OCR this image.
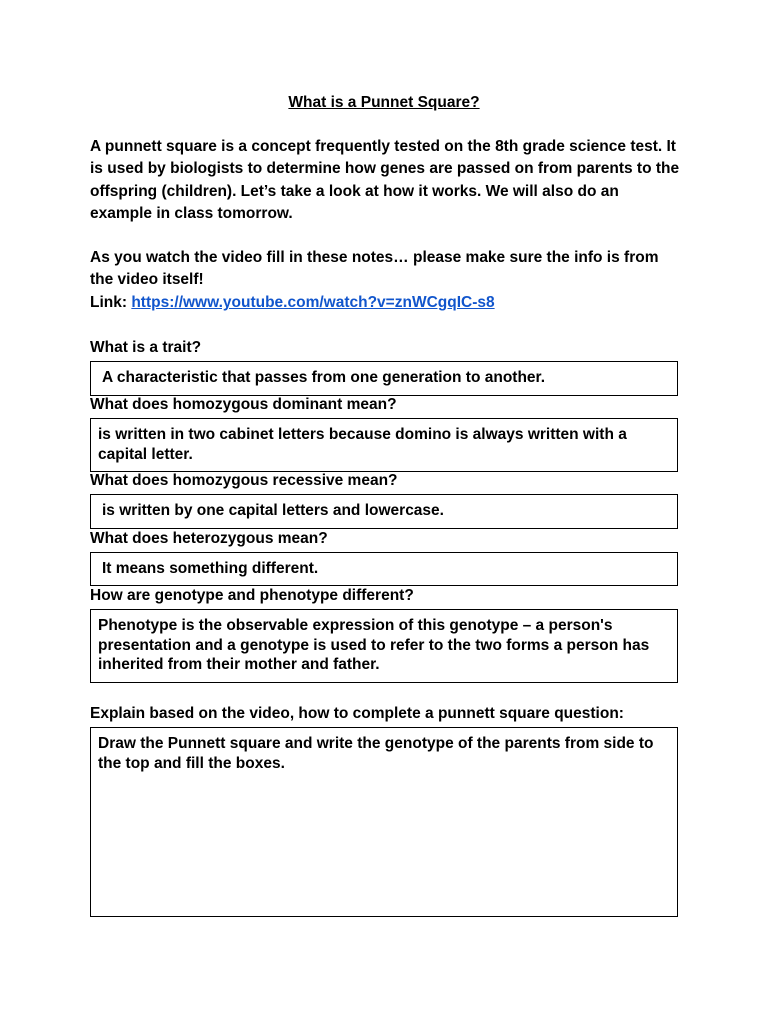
What is a Punnet Square?
A punnett square is a concept frequently tested on the 8th grade science test. It is used by biologists to determine how genes are passed on from parents to the offspring (children). Let’s take a look at how it works. We will also do an example in class tomorrow.
As you watch the video fill in these notes… please make sure the info is from the video itself!
Link: https://www.youtube.com/watch?v=znWCgqIC-s8
What is a trait?
A characteristic that passes from one generation to another.
What does homozygous dominant mean?
is written in two cabinet letters because domino is always written with a capital letter.
What does homozygous recessive mean?
is written by one capital letters and lowercase.
What does heterozygous mean?
It means something different.
How are genotype and phenotype different?
Phenotype is the observable expression of this genotype – a person's presentation and a genotype is used to refer to the two forms a person has inherited from their mother and father.
Explain based on the video, how to complete a punnett square question:
Draw the Punnett square and write the genotype of the parents from side to the top and fill the boxes.
